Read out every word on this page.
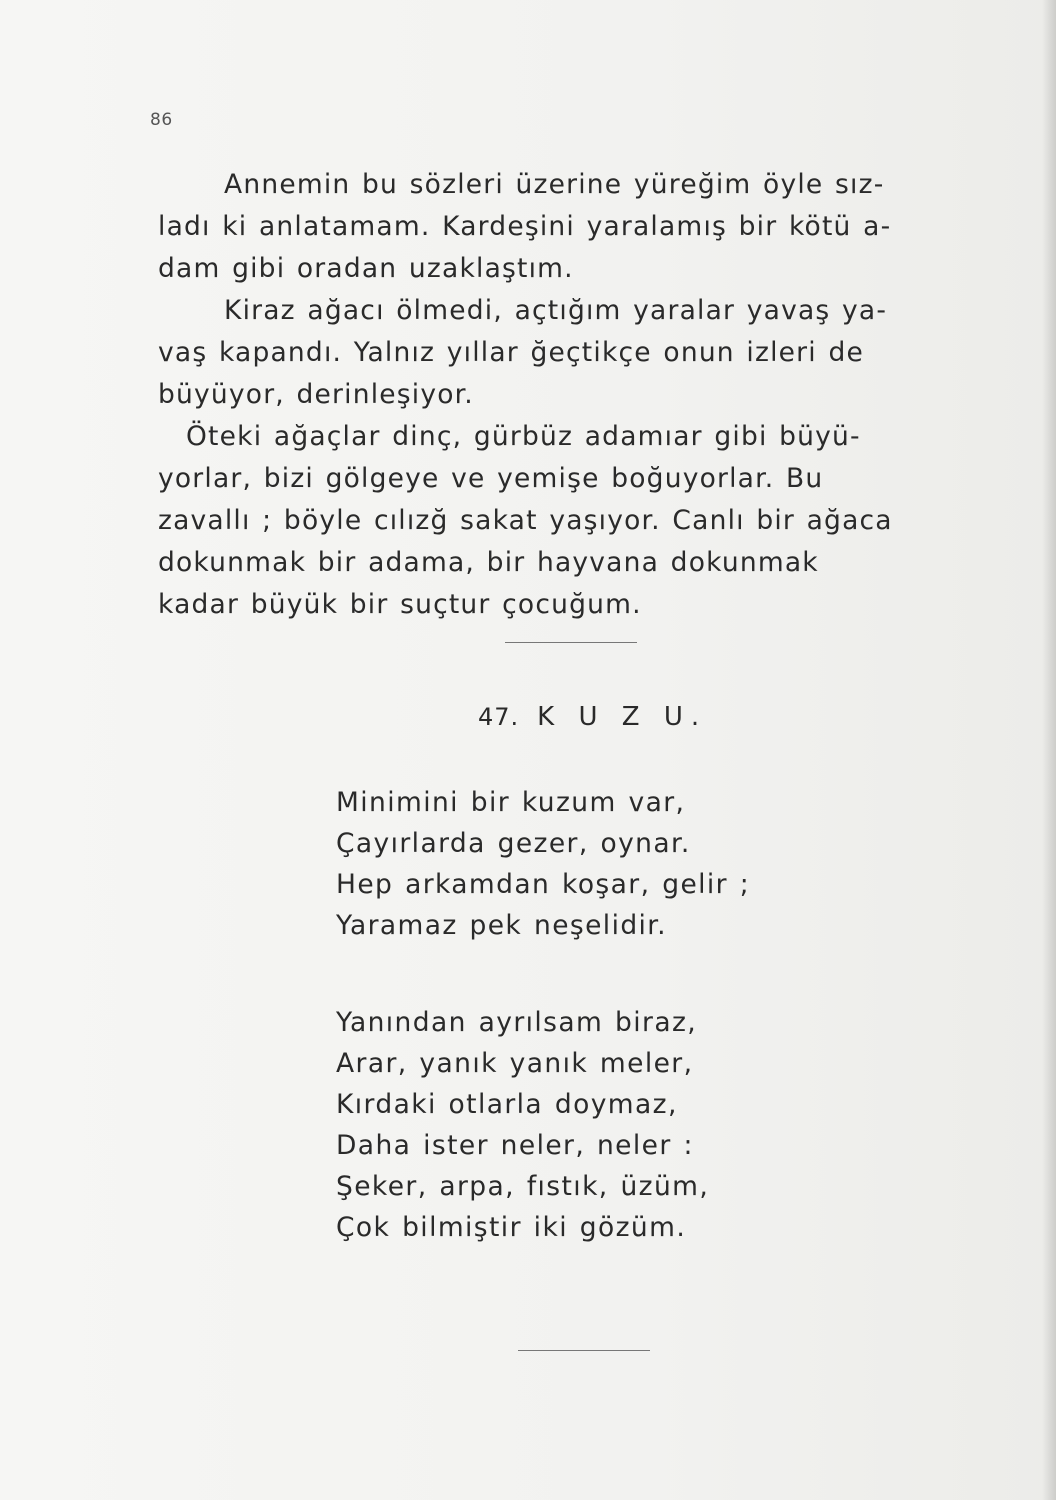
86
Annemin bu sözleri üzerine yüreğim öyle sız-
ladı ki anlatamam. Kardeşini yaralamış bir kötü a-
dam gibi oradan uzaklaştım.
Kiraz ağacı ölmedi, açtığım yaralar yavaş ya-
vaş kapandı. Yalnız yıllar ğeçtikçe onun izleri de
büyüyor, derinleşiyor.
Öteki ağaçlar dinç, gürbüz adamıar gibi büyü-
yorlar, bizi gölgeye ve yemişe boğuyorlar. Bu
zavallı ; böyle cılızğ sakat yaşıyor. Canlı bir ağaca
dokunmak bir adama, bir hayvana dokunmak
kadar büyük bir suçtur çocuğum.
47. K U Z U.
Minimini bir kuzum var,
Çayırlarda gezer, oynar.
Hep arkamdan koşar, gelir ;
Yaramaz pek neşelidir.
Yanından ayrılsam biraz,
Arar, yanık yanık meler,
Kırdaki otlarla doymaz,
Daha ister neler, neler :
Şeker, arpa, fıstık, üzüm,
Çok bilmiştir iki gözüm.
